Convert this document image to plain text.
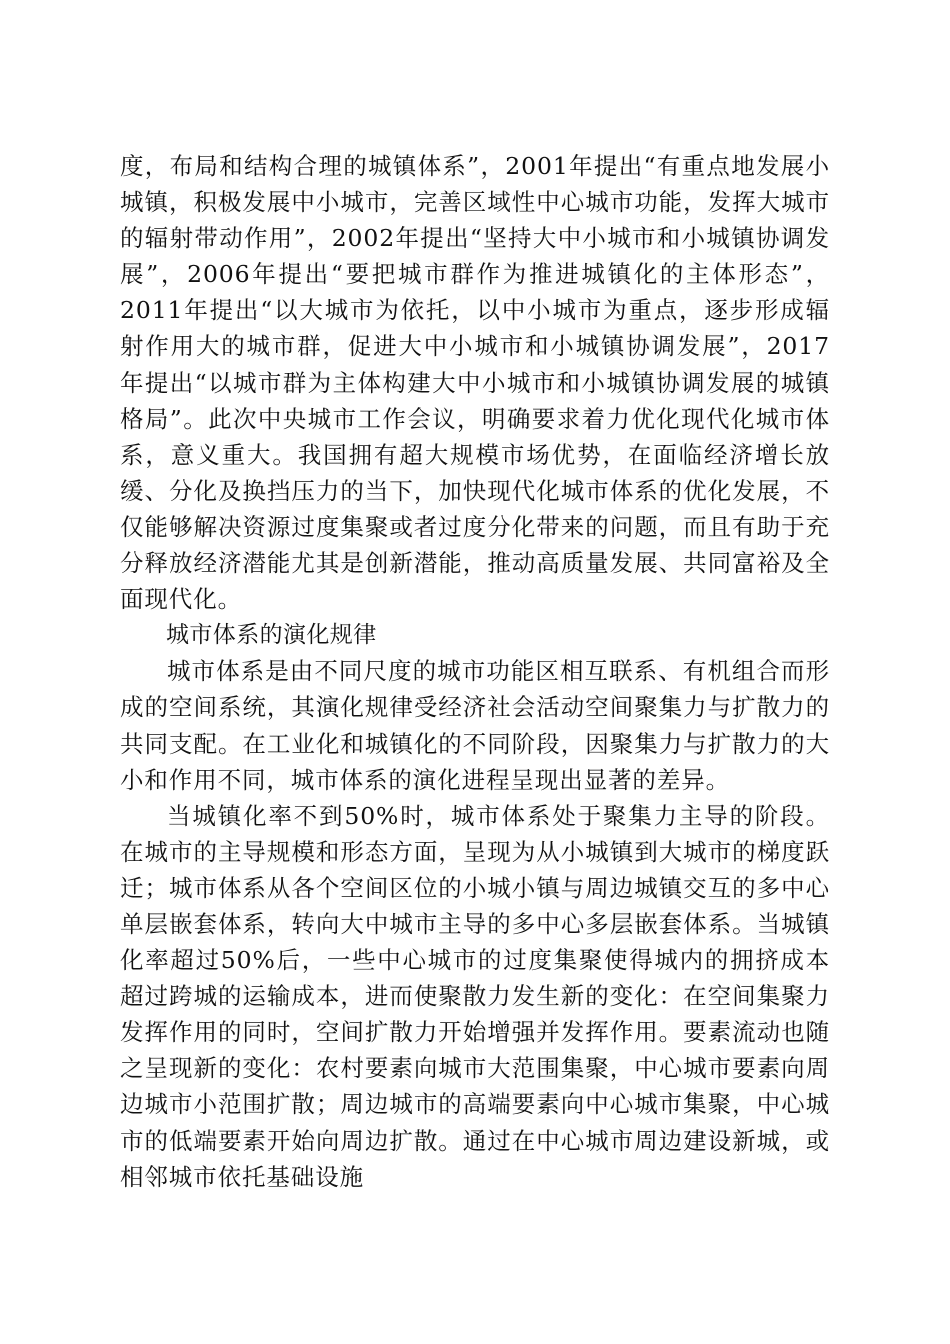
度，布局和结构合理的城镇体系”，2001年提出“有重点地发展小城镇，积极发展中小城市，完善区域性中心城市功能，发挥大城市的辐射带动作用”，2002年提出“坚持大中小城市和小城镇协调发展”，2006年提出“要把城市群作为推进城镇化的主体形态”，2011年提出“以大城市为依托，以中小城市为重点，逐步形成辐射作用大的城市群，促进大中小城市和小城镇协调发展”，2017年提出“以城市群为主体构建大中小城市和小城镇协调发展的城镇格局”。此次中央城市工作会议，明确要求着力优化现代化城市体系，意义重大。我国拥有超大规模市场优势，在面临经济增长放缓、分化及换挡压力的当下，加快现代化城市体系的优化发展，不仅能够解决资源过度集聚或者过度分化带来的问题，而且有助于充分释放经济潜能尤其是创新潜能，推动高质量发展、共同富裕及全面现代化。

城市体系的演化规律

城市体系是由不同尺度的城市功能区相互联系、有机组合而形成的空间系统，其演化规律受经济社会活动空间聚集力与扩散力的共同支配。在工业化和城镇化的不同阶段，因聚集力与扩散力的大小和作用不同，城市体系的演化进程呈现出显著的差异。

当城镇化率不到50%时，城市体系处于聚集力主导的阶段。在城市的主导规模和形态方面，呈现为从小城镇到大城市的梯度跃迁；城市体系从各个空间区位的小城小镇与周边城镇交互的多中心单层嵌套体系，转向大中城市主导的多中心多层嵌套体系。当城镇化率超过50%后，一些中心城市的过度集聚使得城内的拥挤成本超过跨城的运输成本，进而使聚散力发生新的变化：在空间集聚力发挥作用的同时，空间扩散力开始增强并发挥作用。要素流动也随之呈现新的变化：农村要素向城市大范围集聚，中心城市要素向周边城市小范围扩散；周边城市的高端要素向中心城市集聚，中心城市的低端要素开始向周边扩散。通过在中心城市周边建设新城，或相邻城市依托基础设施
